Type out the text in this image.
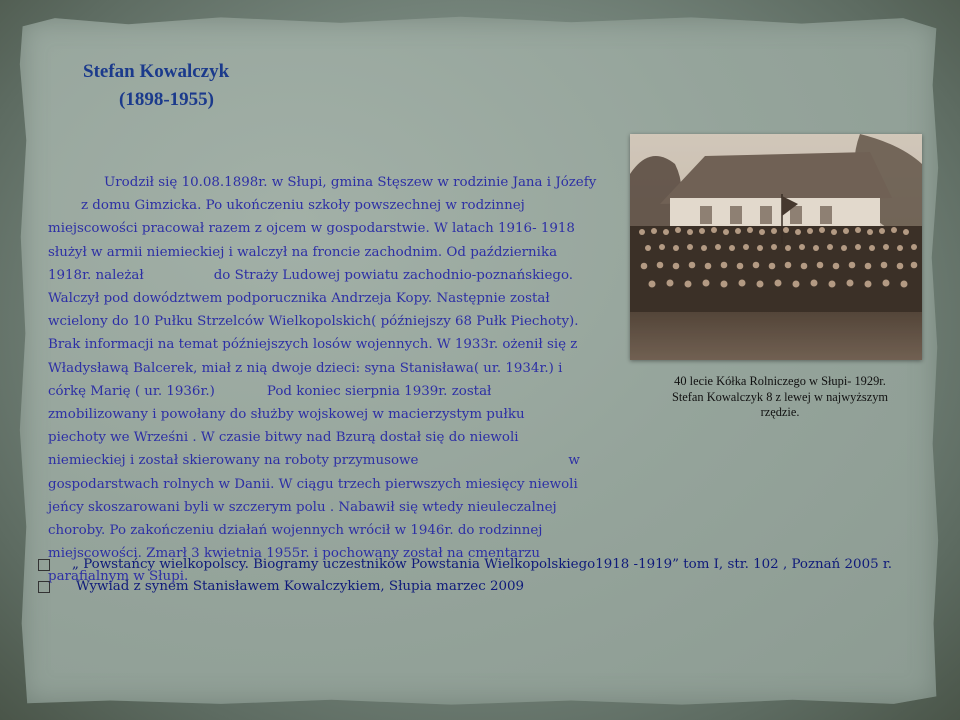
Stefan Kowalczyk
(1898-1955)

Urodził się 10.08.1898r. w Słupi, gmina Stęszew w rodzinie Jana i Józefy

z domu Gimzicka. Po ukończeniu szkoły powszechnej w rodzinnej

miejscowości pracował razem z ojcem w gospodarstwie. W latach 1916- 1918

służył w armii niemieckiej i walczył na froncie zachodnim. Od października

1918r. należał	do Straży Ludowej powiatu zachodnio-poznańskiego.

Walczył pod dowództwem podporucznika Andrzeja Kopy. Następnie został

wcielony do 10 Pułku Strzelców Wielkopolskich( późniejszy 68 Pułk Piechoty).

Brak informacji na temat późniejszych losów wojennych. W 1933r. ożenił się z

Władysławą Balcerek, miał z nią dwoje dzieci: syna Stanisława( ur. 1934r.) i

córkę Marię ( ur. 1936r.)	Pod koniec sierpnia 1939r. został

zmobilizowany i powołany do służby wojskowej w macierzystym pułku

piechoty we Wrześni . W czasie bitwy nad Bzurą dostał się do niewoli

niemieckiej i został skierowany na roboty przymusowe	w

gospodarstwach rolnych w Danii. W ciągu trzech pierwszych miesięcy niewoli

jeńcy skoszarowani byli w szczerym polu . Nabawił się wtedy nieuleczalnej

choroby. Po zakończeniu działań wojennych wrócił w 1946r. do rodzinnej

miejscowości. Zmarł 3 kwietnia 1955r. i pochowany został na cmentarzu

parafialnym w Słupi.

40 lecie Kółka Rolniczego w Słupi- 1929r.

Stefan Kowalczyk 8 z lewej w najwyższym

rzędzie.

„ Powstańcy wielkopolscy. Biogramy uczestników Powstania Wielkopolskiego1918 -1919” tom I, str. 102 , Poznań 2005 r.
Wywiad z synem Stanisławem Kowalczykiem, Słupia marzec 2009
